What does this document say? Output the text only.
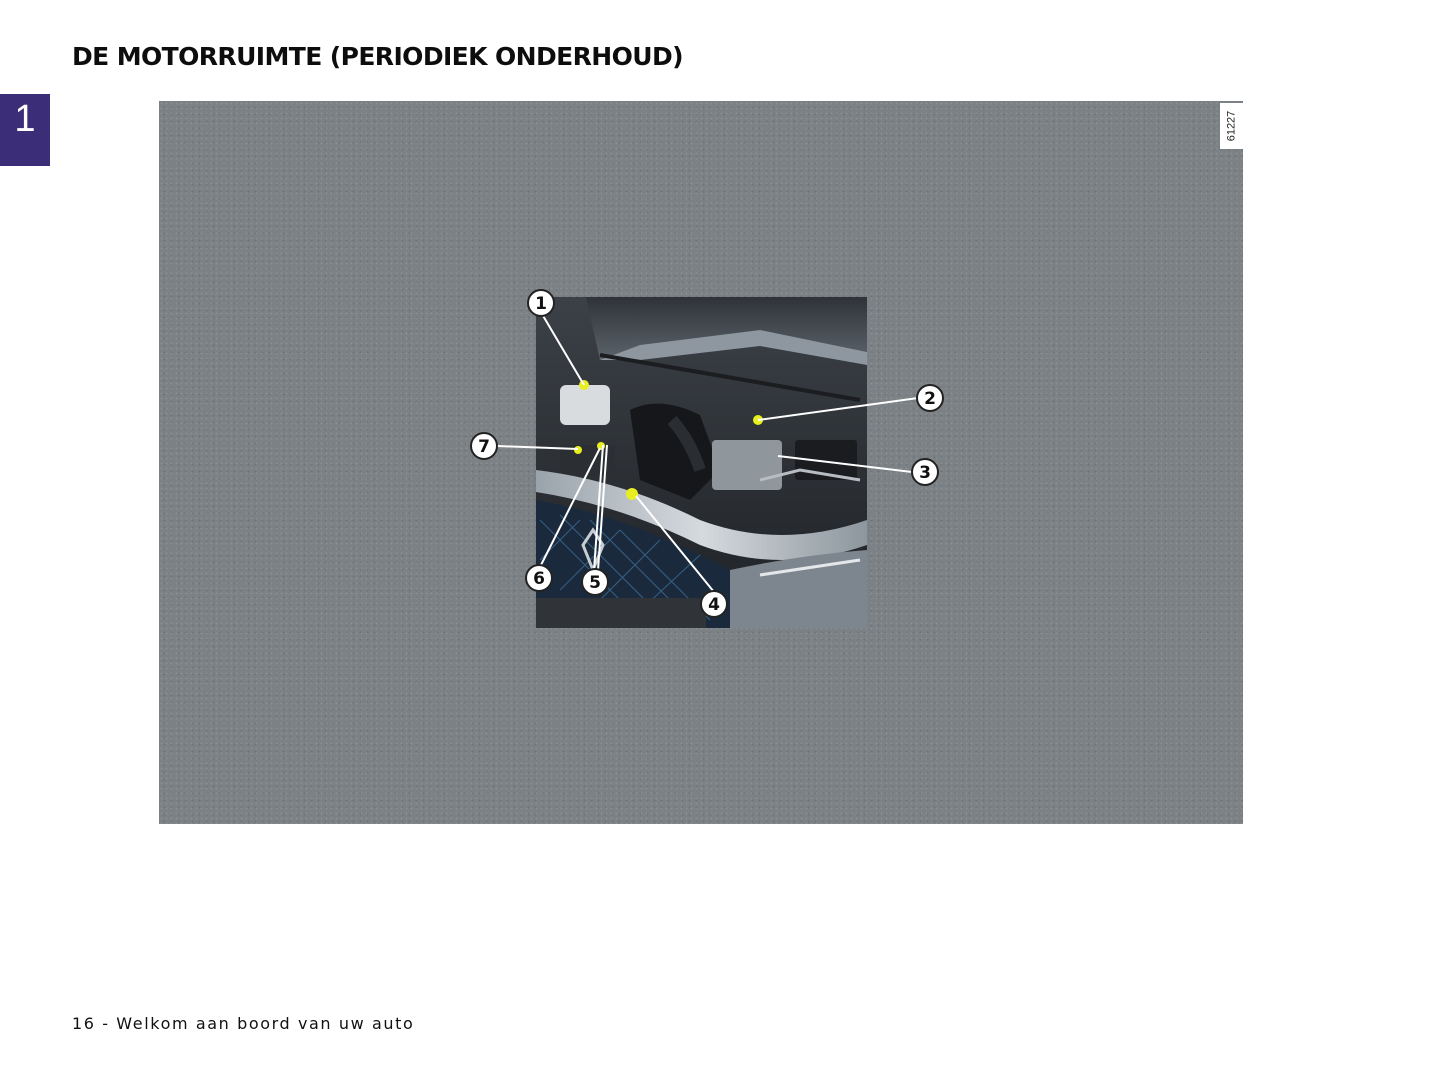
DE MOTORRUIMTE (PERIODIEK ONDERHOUD)
1	61227
1
2
3
4
5
6
7

16 - Welkom aan boord van uw auto
